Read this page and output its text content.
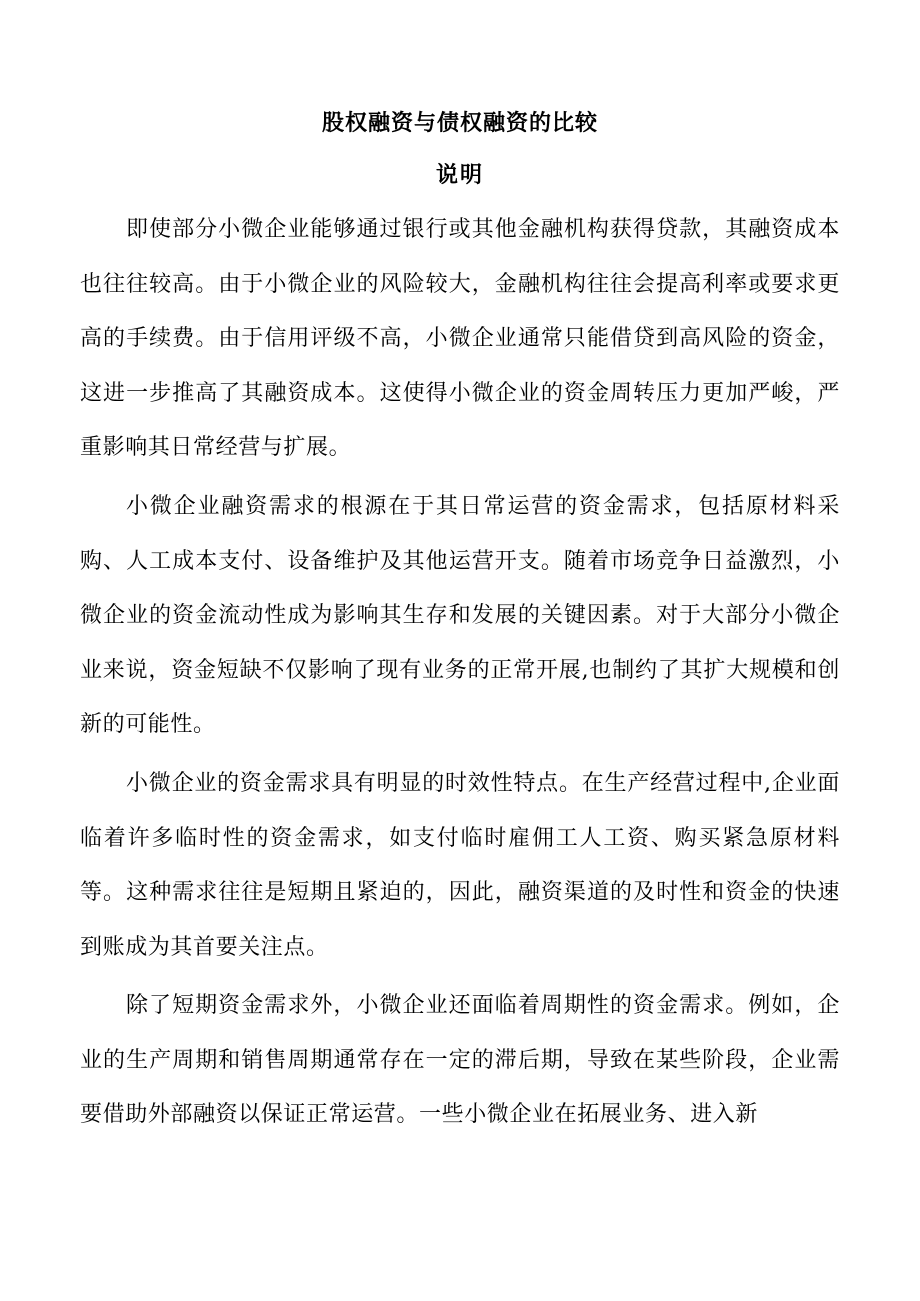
股权融资与债权融资的比较
说明

即使部分小微企业能够通过银行或其他金融机构获得贷款，其融资成本也往往较高。由于小微企业的风险较大，金融机构往往会提高利率或要求更高的手续费。由于信用评级不高，小微企业通常只能借贷到高风险的资金，这进一步推高了其融资成本。这使得小微企业的资金周转压力更加严峻，严重影响其日常经营与扩展。

小微企业融资需求的根源在于其日常运营的资金需求，包括原材料采购、人工成本支付、设备维护及其他运营开支。随着市场竞争日益激烈，小微企业的资金流动性成为影响其生存和发展的关键因素。对于大部分小微企业来说，资金短缺不仅影响了现有业务的正常开展,也制约了其扩大规模和创新的可能性。

小微企业的资金需求具有明显的时效性特点。在生产经营过程中,企业面临着许多临时性的资金需求，如支付临时雇佣工人工资、购买紧急原材料等。这种需求往往是短期且紧迫的，因此，融资渠道的及时性和资金的快速到账成为其首要关注点。

除了短期资金需求外，小微企业还面临着周期性的资金需求。例如，企业的生产周期和销售周期通常存在一定的滞后期，导致在某些阶段，企业需要借助外部融资以保证正常运营。一些小微企业在拓展业务、进入新
